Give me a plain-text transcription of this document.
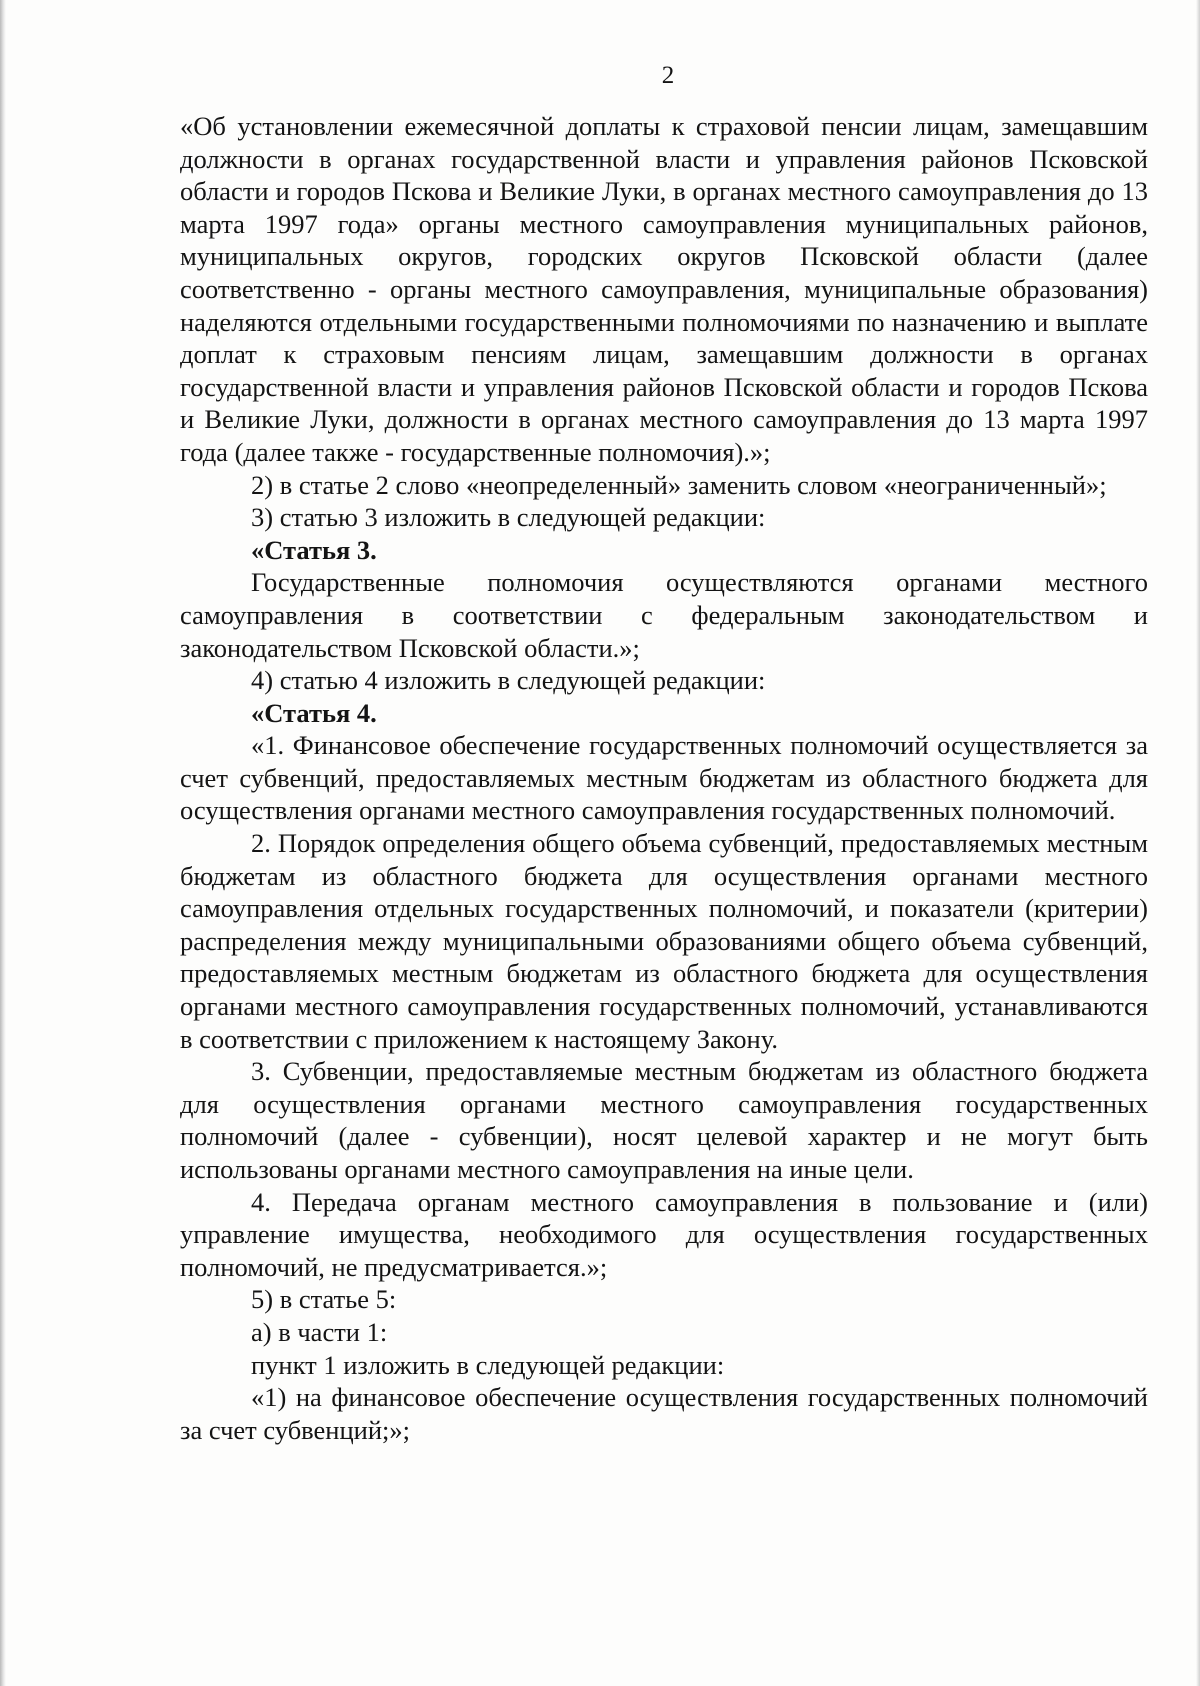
2

«Об установлении ежемесячной доплаты к страховой пенсии лицам, замещавшим должности в органах государственной власти и управления районов Псковской области и городов Пскова и Великие Луки, в органах местного самоуправления до 13 марта 1997 года» органы местного самоуправления муниципальных районов, муниципальных округов, городских округов Псковской области (далее соответственно - органы местного самоуправления, муниципальные образования) наделяются отдельными государственными полномочиями по назначению и выплате доплат к страховым пенсиям лицам, замещавшим должности в органах государственной власти и управления районов Псковской области и городов Пскова и Великие Луки, должности в органах местного самоуправления до 13 марта 1997 года (далее также - государственные полномочия).»;

2) в статье 2 слово «неопределенный» заменить словом «неограниченный»;

3) статью 3 изложить в следующей редакции:

«Статья 3.

Государственные полномочия осуществляются органами местного самоуправления в соответствии с федеральным законодательством и законодательством Псковской области.»;

4) статью 4 изложить в следующей редакции:

«Статья 4.

«1. Финансовое обеспечение государственных полномочий осуществляется за счет субвенций, предоставляемых местным бюджетам из областного бюджета для осуществления органами местного самоуправления государственных полномочий.

2. Порядок определения общего объема субвенций, предоставляемых местным бюджетам из областного бюджета для осуществления органами местного самоуправления отдельных государственных полномочий, и показатели (критерии) распределения между муниципальными образованиями общего объема субвенций, предоставляемых местным бюджетам из областного бюджета для осуществления органами местного самоуправления государственных полномочий, устанавливаются в соответствии с приложением к настоящему Закону.

3. Субвенции, предоставляемые местным бюджетам из областного бюджета для осуществления органами местного самоуправления государственных полномочий (далее - субвенции), носят целевой характер и не могут быть использованы органами местного самоуправления на иные цели.

4. Передача органам местного самоуправления в пользование и (или) управление имущества, необходимого для осуществления государственных полномочий, не предусматривается.»;

5) в статье 5:

а) в части 1:

пункт 1 изложить в следующей редакции:

«1) на финансовое обеспечение осуществления государственных полномочий за счет субвенций;»;
